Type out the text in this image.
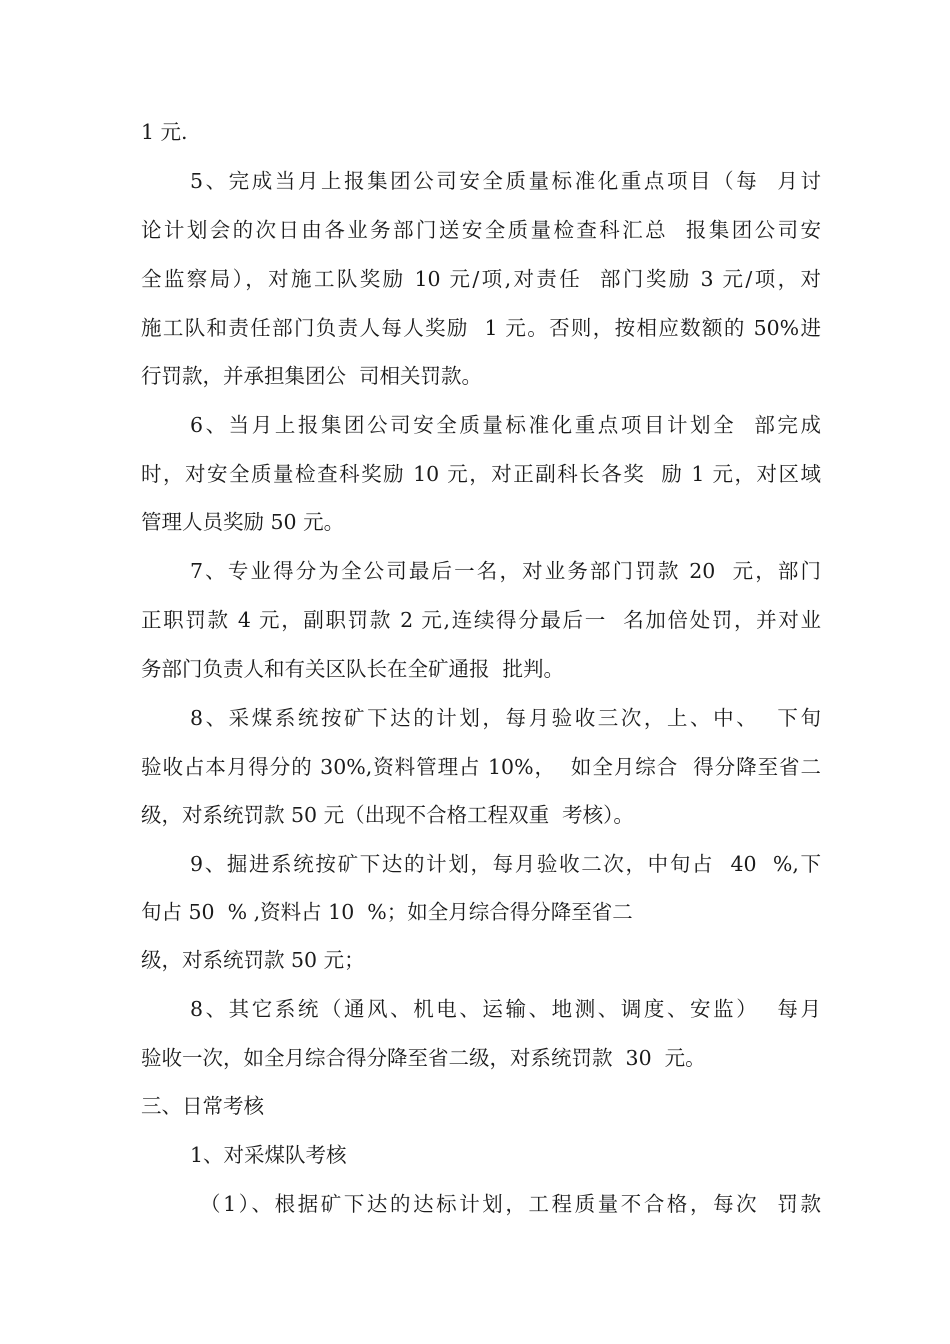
1 元.
5、完成当月上报集团公司安全质量标准化重点项目（每  月讨
论计划会的次日由各业务部门送安全质量检查科汇总  报集团公司安
全监察局），对施工队奖励 10 元/项,对责任  部门奖励 3 元/项，对
施工队和责任部门负责人每人奖励  1 元。否则，按相应数额的 50%进
行罚款，并承担集团公  司相关罚款。
6、当月上报集团公司安全质量标准化重点项目计划全  部完成
时，对安全质量检查科奖励 10 元，对正副科长各奖  励 1 元，对区域
管理人员奖励 50 元。
7、专业得分为全公司最后一名，对业务部门罚款 20  元，部门
正职罚款 4 元，副职罚款 2 元,连续得分最后一  名加倍处罚，并对业
务部门负责人和有关区队长在全矿通报  批判。
8、采煤系统按矿下达的计划，每月验收三次，上、中、  下旬
验收占本月得分的 30%,资料管理占 10%，  如全月综合  得分降至省二
级，对系统罚款 50 元（出现不合格工程双重  考核）。
9、掘进系统按矿下达的计划，每月验收二次，中旬占  40  %,下
旬占 50  % ,资料占 10  %；如全月综合得分降至省二
级，对系统罚款 50 元；
8、其它系统（通风、机电、运输、地测、调度、安监）  每月
验收一次，如全月综合得分降至省二级，对系统罚款  30  元。
三、日常考核
1、对采煤队考核
（1）、根据矿下达的达标计划，工程质量不合格，每次  罚款
